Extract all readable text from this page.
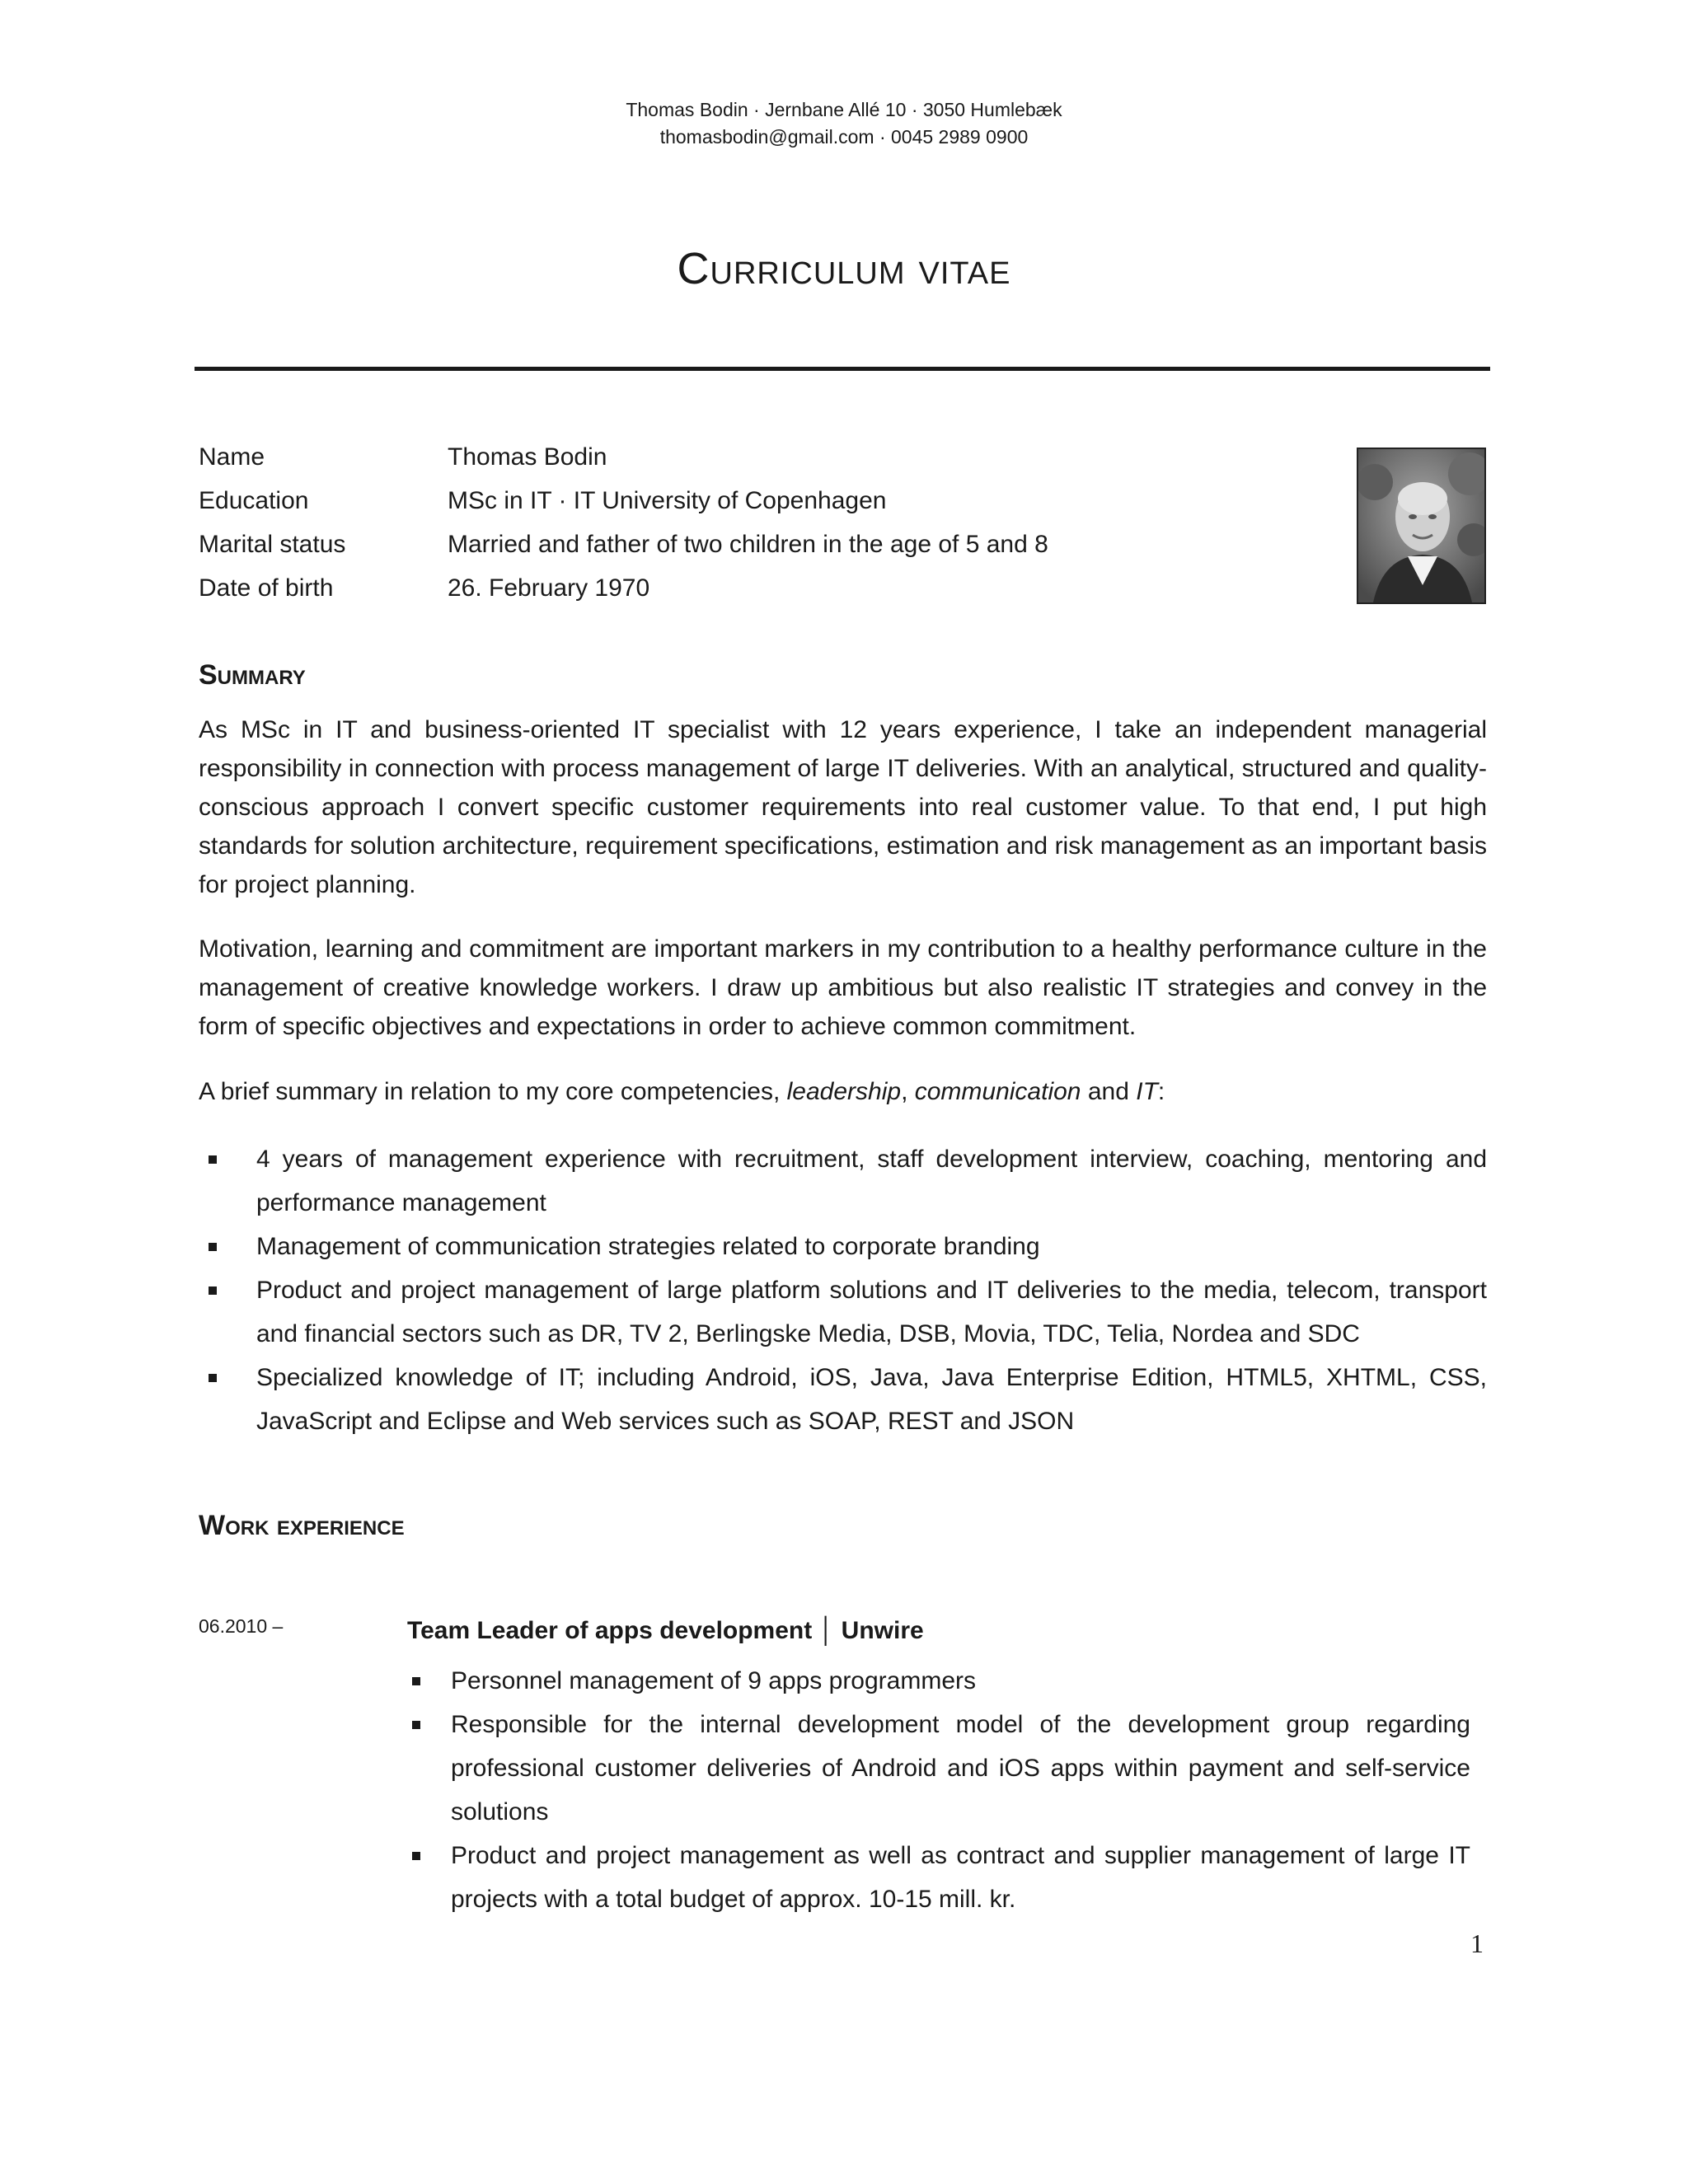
Thomas Bodin · Jernbane Allé 10 · 3050 Humlebæk
thomasbodin@gmail.com · 0045 2989 0900
Curriculum vitae
Name	Thomas Bodin
Education	MSc in IT · IT University of Copenhagen
Marital status	Married and father of two children in the age of 5 and 8
Date of birth	26. February 1970
Summary

As MSc in IT and business-oriented IT specialist with 12 years experience, I take an independent managerial responsibility in connection with process management of large IT deliveries. With an analytical, structured and quality-conscious approach I convert specific customer requirements into real customer value. To that end, I put high standards for solution architecture, requirement specifications, estimation and risk management as an important basis for project planning.

Motivation, learning and commitment are important markers in my contribution to a healthy performance culture in the management of creative knowledge workers. I draw up ambitious but also realistic IT strategies and convey in the form of specific objectives and expectations in order to achieve common commitment.

A brief summary in relation to my core competencies, leadership, communication and IT:

4 years of management experience with recruitment, staff development interview, coaching, mentoring and performance management
Management of communication strategies related to corporate branding
Product and project management of large platform solutions and IT deliveries to the media, telecom, transport and financial sectors such as DR, TV 2, Berlingske Media, DSB, Movia, TDC, Telia, Nordea and SDC
Specialized knowledge of IT; including Android, iOS, Java, Java Enterprise Edition, HTML5, XHTML, CSS, JavaScript and Eclipse and Web services such as SOAP, REST and JSON
Work experience
06.2010 –	Team Leader of apps development │ Unwire
Personnel management of 9 apps programmers
Responsible for the internal development model of the development group regarding professional customer deliveries of Android and iOS apps within payment and self-service solutions
Product and project management as well as contract and supplier management of large IT projects with a total budget of approx. 10-15 mill. kr.
1
